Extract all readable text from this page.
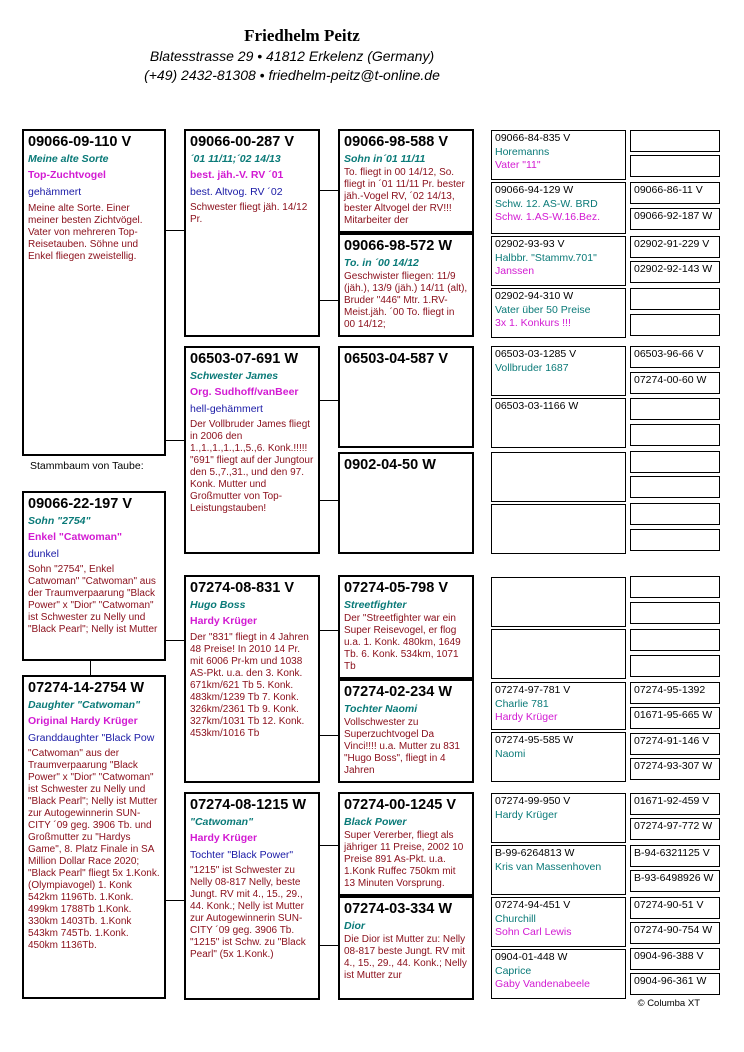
Friedhelm Peitz
Blatesstrasse 29 • 41812 Erkelenz (Germany)
(+49) 2432-81308 • friedhelm-peitz@t-online.de
09066-09-110 V
Meine alte Sorte
Top-Zuchtvogel
gehämmert
Meine alte Sorte. Einer meiner besten Zichtvögel. Vater von mehreren Top-Reisetauben. Söhne und Enkel fliegen zweistellig.
Stammbaum von Taube:
09066-22-197 V
Sohn "2754"
Enkel "Catwoman"
dunkel
Sohn "2754", Enkel Catwoman" "Catwoman" aus der Traumverpaarung "Black Power" x "Dior" "Catwoman" ist Schwester zu Nelly und "Black Pearl"; Nelly ist Mutter
07274-14-2754 W
Daughter "Catwoman"
Original Hardy Krüger
Granddaughter "Black Pow
"Catwoman" aus der Traumverpaarung "Black Power" x "Dior" "Catwoman" ist Schwester zu Nelly und "Black Pearl"; Nelly ist Mutter zur Autogewinnerin SUN-CITY ´09 geg. 3906 Tb. und Großmutter zu "Hardys Game", 8. Platz Finale in SA Million Dollar Race 2020; "Black Pearl" fliegt 5x 1.Konk. (Olympiavogel) 1. Konk 542km 1196Tb. 1.Konk. 499km 1788Tb 1.Konk. 330km 1403Tb. 1.Konk 543km 745Tb. 1.Konk. 450km 1136Tb.
09066-00-287 V
´01 11/11;´02 14/13
best. jäh.-V. RV ´01
best. Altvog. RV ´02
Schwester fliegt jäh. 14/12 Pr.
06503-07-691 W
Schwester James
Org. Sudhoff/vanBeer
hell-gehämmert
Der Vollbruder James fliegt in 2006 den 1.,1.,1.,1.,1.,5.,6. Konk.!!!!! "691" fliegt auf der Jungtour den 5.,7.,31., und den 97. Konk. Mutter und Großmutter von Top-Leistungstauben!
07274-08-831 V
Hugo Boss
Hardy Krüger
Der "831" fliegt in 4 Jahren 48 Preise! In 2010 14 Pr. mit 6006 Pr-km und 1038 AS-Pkt. u.a. den 3. Konk. 671km/621 Tb 5. Konk. 483km/1239 Tb 7. Konk. 326km/2361 Tb 9. Konk. 327km/1031 Tb 12. Konk. 453km/1016 Tb
07274-08-1215 W
"Catwoman"
Hardy Krüger
Tochter "Black Power"
"1215" ist Schwester zu Nelly 08-817 Nelly, beste Jungt. RV mit 4., 15., 29., 44. Konk.; Nelly ist Mutter zur Autogewinnerin SUN-CITY ´09 geg. 3906 Tb. "1215" ist Schw. zu "Black Pearl" (5x 1.Konk.)
09066-98-588 V
Sohn in´01 11/11
To. fliegt in 00 14/12, So. fliegt in ´01 11/11 Pr. bester jäh.-Vogel RV, ´02 14/13, bester Altvogel der RV!!! Mitarbeiter der
09066-98-572 W
To. in ´00 14/12
Geschwister fliegen: 11/9 (jäh.), 13/9 (jäh.) 14/11 (alt), Bruder "446" Mtr. 1.RV-Meist.jäh. ´00 To. fliegt in 00 14/12;
06503-04-587 V
0902-04-50 W
07274-05-798 V
Streetfighter
Der "Streetfighter war ein Super Reisevogel, er flog u.a. 1. Konk. 480km, 1649 Tb. 6. Konk. 534km, 1071 Tb
07274-02-234 W
Tochter Naomi
Vollschwester zu Superzuchtvogel Da Vinci!!!! u.a. Mutter zu 831 "Hugo Boss", fliegt in 4 Jahren
07274-00-1245 V
Black Power
Super Vererber, fliegt als jähriger 11 Preise, 2002 10 Preise 891 As-Pkt. u.a. 1.Konk Ruffec 750km mit 13 Minuten Vorsprung.
07274-03-334 W
Dior
Die Dior ist Mutter zu: Nelly 08-817 beste Jungt. RV mit 4., 15., 29., 44. Konk.; Nelly ist Mutter zur
09066-84-835 V
Horemanns
Vater "11"
09066-94-129 W
Schw. 12. AS-W. BRD
Schw. 1.AS-W.16.Bez.
02902-93-93 V
Halbbr. "Stammv.701"
Janssen
02902-94-310 W
Vater über 50 Preise
3x 1. Konkurs !!!
06503-03-1285 V
Vollbruder 1687
06503-03-1166 W
07274-97-781 V
Charlie 781
Hardy Krüger
07274-95-585 W
Naomi
07274-99-950 V
Hardy Krüger
B-99-6264813 W
Kris van Massenhoven
07274-94-451 V
Churchill
Sohn Carl Lewis
0904-01-448 W
Caprice
Gaby Vandenabeele
09066-86-11 V
09066-92-187 W
02902-91-229 V
02902-92-143 W
06503-96-66 V
07274-00-60 W
07274-95-1392
01671-95-665 W
07274-91-146 V
07274-93-307 W
01671-92-459 V
07274-97-772 W
B-94-6321125 V
B-93-6498926 W
07274-90-51 V
07274-90-754 W
0904-96-388 V
0904-96-361 W
© Columba XT
